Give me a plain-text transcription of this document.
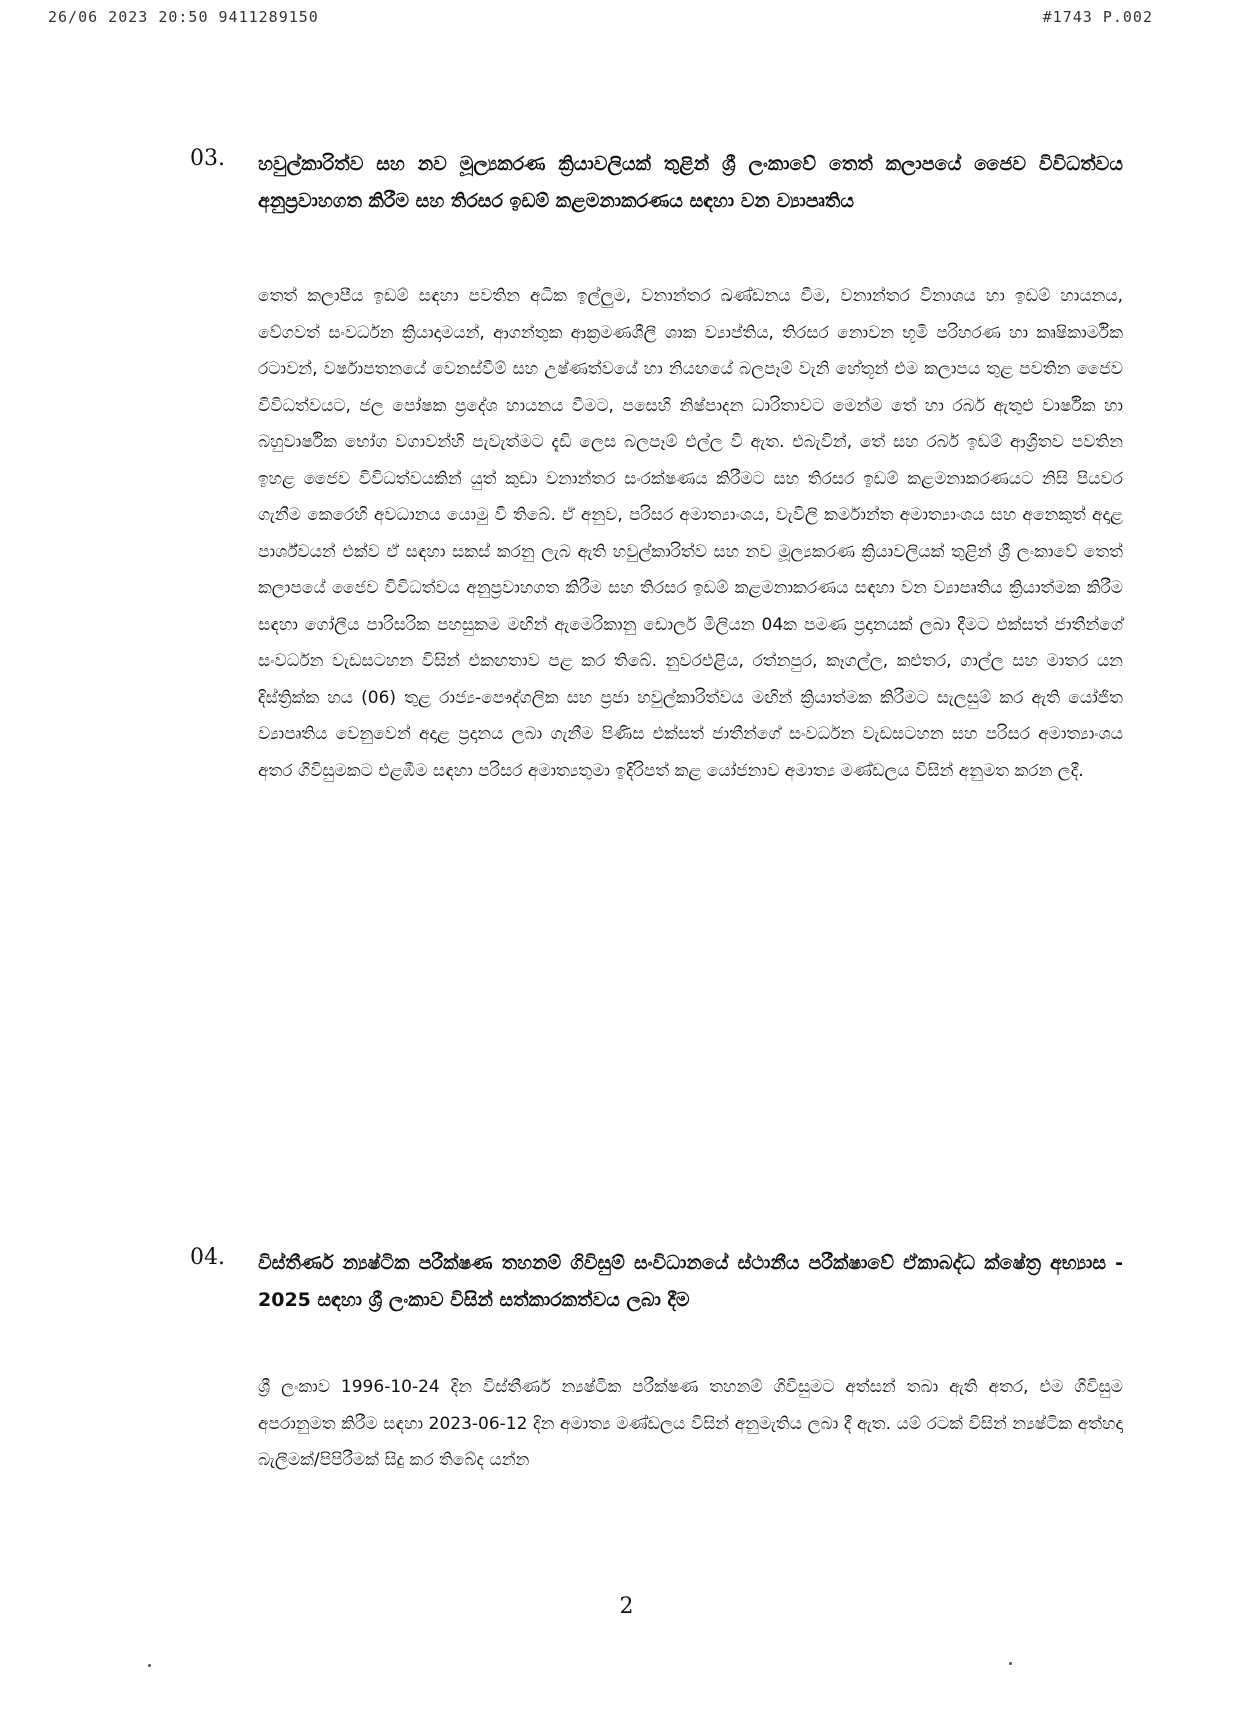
26/06 2023 20:50 9411289150	#1743 P.002
03. හවුල්කාරිත්ව සහ නව මූල්‍යකරණ ක්‍රියාවලියක් තුළින් ශ්‍රී ලංකාවේ තෙත් කලාපයේ ජෛව විවිධත්වය අනුප්‍රවාහගත කිරීම සහ තිරසර ඉඩම් කළමනාකරණය සඳහා වන ව්‍යාපෘතිය
තෙත් කලාපීය ඉඩම් සඳහා පවතින අධික ඉල්ලුම, වනාන්තර ඛණ්ඩනය වීම, වනාන්තර විනාශය හා ඉඩම් හායනය, වේගවත් සංවර්ධන ක්‍රියාදාමයන්, ආගන්තුක ආක්‍රමණශීලී ශාක ව්‍යාප්තිය, තිරසර නොවන භූමි පරිහරණ හා කෘෂිකාර්මික රටාවන්, වර්ෂාපතනයේ වෙනස්වීම් සහ උෂ්ණත්වයේ හා නියඟයේ බලපෑම් වැනි හේතූන් එම කලාපය තුළ පවතින ජෛව විවිධත්වයට, ජල පෝෂක ප්‍රදේශ හායනය වීමට, පසෙහි නිෂ්පාදන ධාරිතාවට මෙන්ම තේ හා රබර් ඇතුළු වාර්ෂික හා බහුවාර්ෂික භෝග වගාවන්හි පැවැත්මට දැඩි ලෙස බලපෑම් එල්ල වී ඇත. එබැවින්, තේ සහ රබර් ඉඩම් ආශ්‍රිතව පවතින ඉහළ ජෛව විවිධත්වයකින් යුත් කුඩා වනාන්තර සංරක්ෂණය කිරීමට සහ තිරසර ඉඩම් කළමනාකරණයට නිසි පියවර ගැනීම කෙරෙහි අවධානය යොමු වී තිබේ. ඒ අනුව, පරිසර අමාත්‍යාංශය, වැවිලි කර්මාන්ත අමාත්‍යාංශය සහ අනෙකුත් අදාළ පාර්ශ්වයන් එක්ව ඒ සඳහා සකස් කරනු ලැබ ඇති හවුල්කාරිත්ව සහ නව මූල්‍යකරණ ක්‍රියාවලියක් තුළින් ශ්‍රී ලංකාවේ තෙත් කලාපයේ ජෛව විවිධත්වය අනුප්‍රවාහගත කිරීම සහ තිරසර ඉඩම් කළමනාකරණය සඳහා වන ව්‍යාපෘතිය ක්‍රියාත්මක කිරීම සඳහා ගෝලීය පාරිසරික පහසුකම මඟින් ඇමෙරිකානු ඩොලර් මිලියන 04ක පමණ ප්‍රදානයක් ලබා දීමට එක්සත් ජාතීන්ගේ සංවර්ධන වැඩසටහන විසින් එකඟතාව පළ කර තිබේ. නුවරඑළිය, රත්නපුර, කෑගල්ල, කළුතර, ගාල්ල සහ මාතර යන දිස්ත්‍රික්ක හය (06) තුළ රාජ්‍ය-පෞද්ගලික සහ ප්‍රජා හවුල්කාරිත්වය මඟින් ක්‍රියාත්මක කිරීමට සැලසුම් කර ඇති යෝජිත ව්‍යාපෘතිය වෙනුවෙන් අදාළ ප්‍රදානය ලබා ගැනීම පිණිස එක්සත් ජාතීන්ගේ සංවර්ධන වැඩසටහන සහ පරිසර අමාත්‍යාංශය අතර ගිවිසුමකට එළඹීම සඳහා පරිසර අමාත්‍යතුමා ඉදිරිපත් කළ යෝජනාව අමාත්‍ය මණ්ඩලය විසින් අනුමත කරන ලදී.
04. විස්තීර්ණ න්‍යෂ්ටික පරීක්ෂණ තහනම් ගිවිසුම් සංවිධානයේ ස්ථානීය පරීක්ෂාවේ ඒකාබද්ධ ක්ෂේත්‍ර අභ්‍යාස - 2025 සඳහා ශ්‍රී ලංකාව විසින් සත්කාරකත්වය ලබා දීම
ශ්‍රී ලංකාව 1996-10-24 දින විස්තීර්ණ න්‍යෂ්ටික පරීක්ෂණ තහනම් ගිවිසුමට අත්සන් තබා ඇති අතර, එම ගිවිසුම අපරානුමත කිරීම සඳහා 2023-06-12 දින අමාත්‍ය මණ්ඩලය විසින් අනුමැතිය ලබා දී ඇත. යම් රටක් විසින් න්‍යෂ්ටික අත්හදා බැලීමක්/පිපිරීමක් සිදු කර තිබේද යන්න
2
